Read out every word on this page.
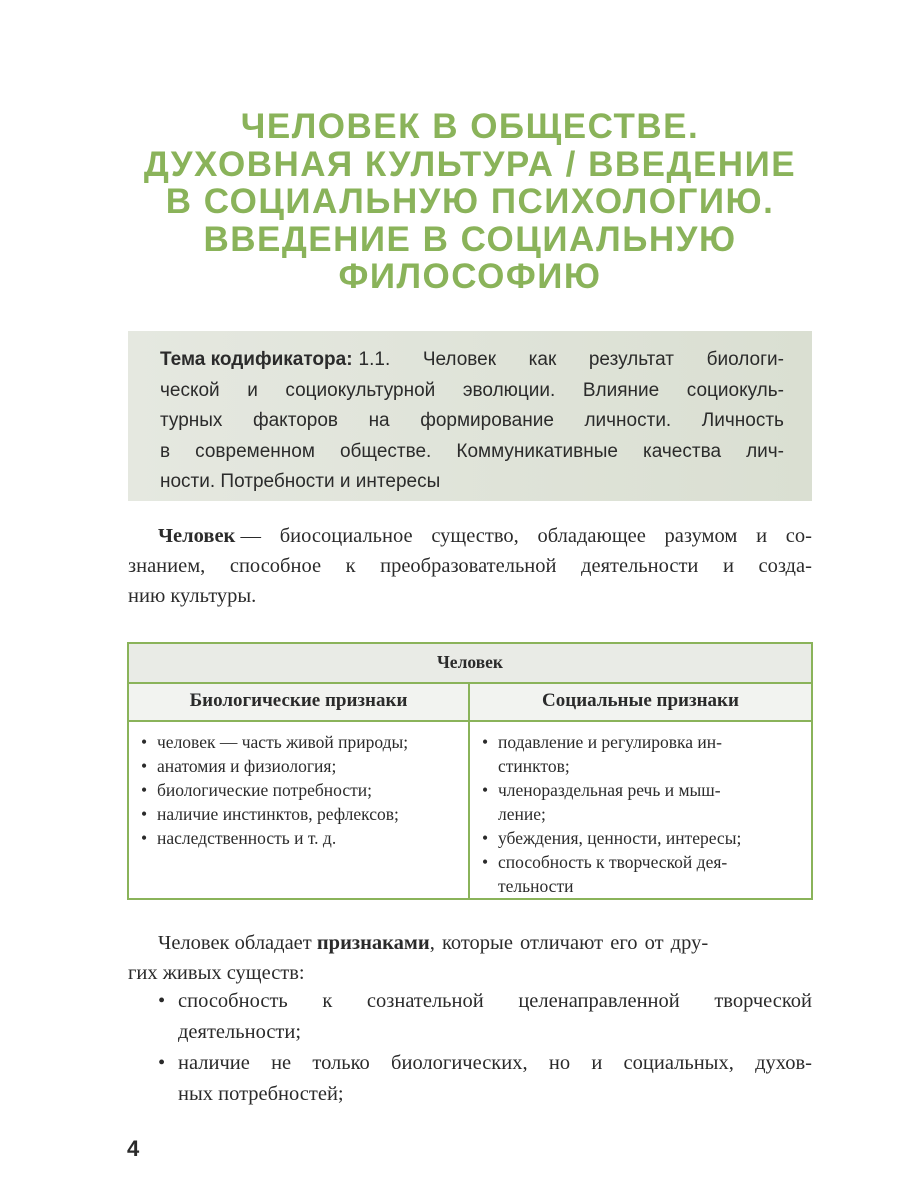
ЧЕЛОВЕК В ОБЩЕСТВЕ.
ДУХОВНАЯ КУЛЬТУРА / ВВЕДЕНИЕ
В СОЦИАЛЬНУЮ ПСИХОЛОГИЮ.
ВВЕДЕНИЕ В СОЦИАЛЬНУЮ
ФИЛОСОФИЮ
Тема кодификатора: 1.1. Человек как результат биологи-
ческой и социокультурной эволюции. Влияние социокуль-
турных факторов на формирование личности. Личность
в современном обществе. Коммуникативные качества лич-
ности. Потребности и интересы
Человек — биосоциальное существо, обладающее разумом и со-
знанием, способное к преобразовательной деятельности и созда-
нию культуры.
Человек
Биологические признаки	Социальные признаки
• человек — часть живой природы;
• анатомия и физиология;
• биологические потребности;
• наличие инстинктов, рефлексов;
• наследственность и т. д.
• подавление и регулировка ин-
стинктов;
• членораздельная речь и мыш-
ление;
• убеждения, ценности, интересы;
• способность к творческой дея-
тельности
Человек обладает
признаками , которые отличают его от дру-
гих живых существ:
• способность к сознательной целенаправленной творческой
деятельности;
• наличие не только биологических, но и социальных, духов-
ных потребностей;
4
